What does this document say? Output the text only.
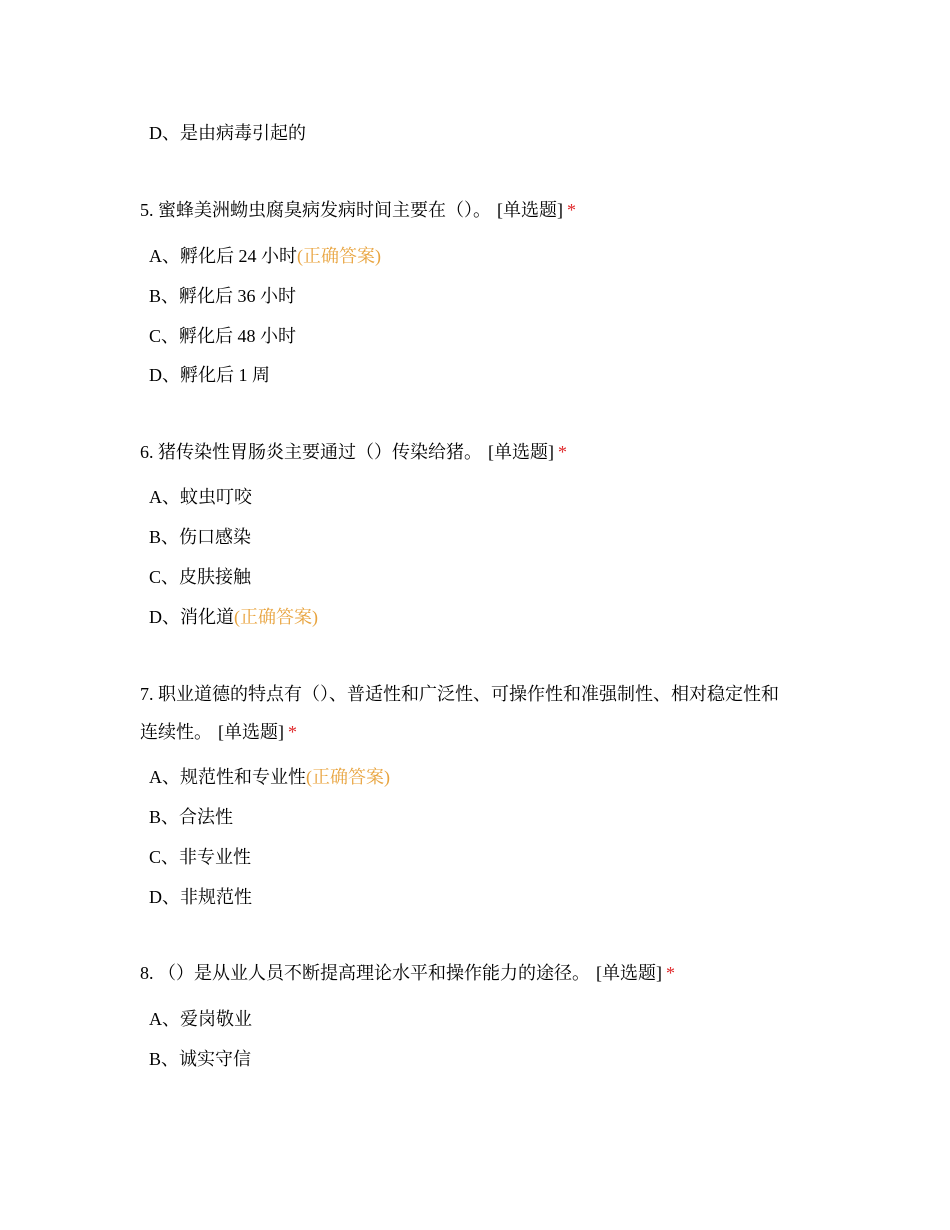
D、是由病毒引起的
5. 蜜蜂美洲蚴虫腐臭病发病时间主要在（）。 [单选题] *
A、孵化后 24 小时(正确答案)
B、孵化后 36 小时
C、孵化后 48 小时
D、孵化后 1 周
6. 猪传染性胃肠炎主要通过（）传染给猪。 [单选题] *
A、蚊虫叮咬
B、伤口感染
C、皮肤接触
D、消化道(正确答案)
7. 职业道德的特点有（）、普适性和广泛性、可操作性和准强制性、相对稳定性和
连续性。 [单选题] *
A、规范性和专业性(正确答案)
B、合法性
C、非专业性
D、非规范性
8. （）是从业人员不断提高理论水平和操作能力的途径。 [单选题] *
A、爱岗敬业
B、诚实守信
